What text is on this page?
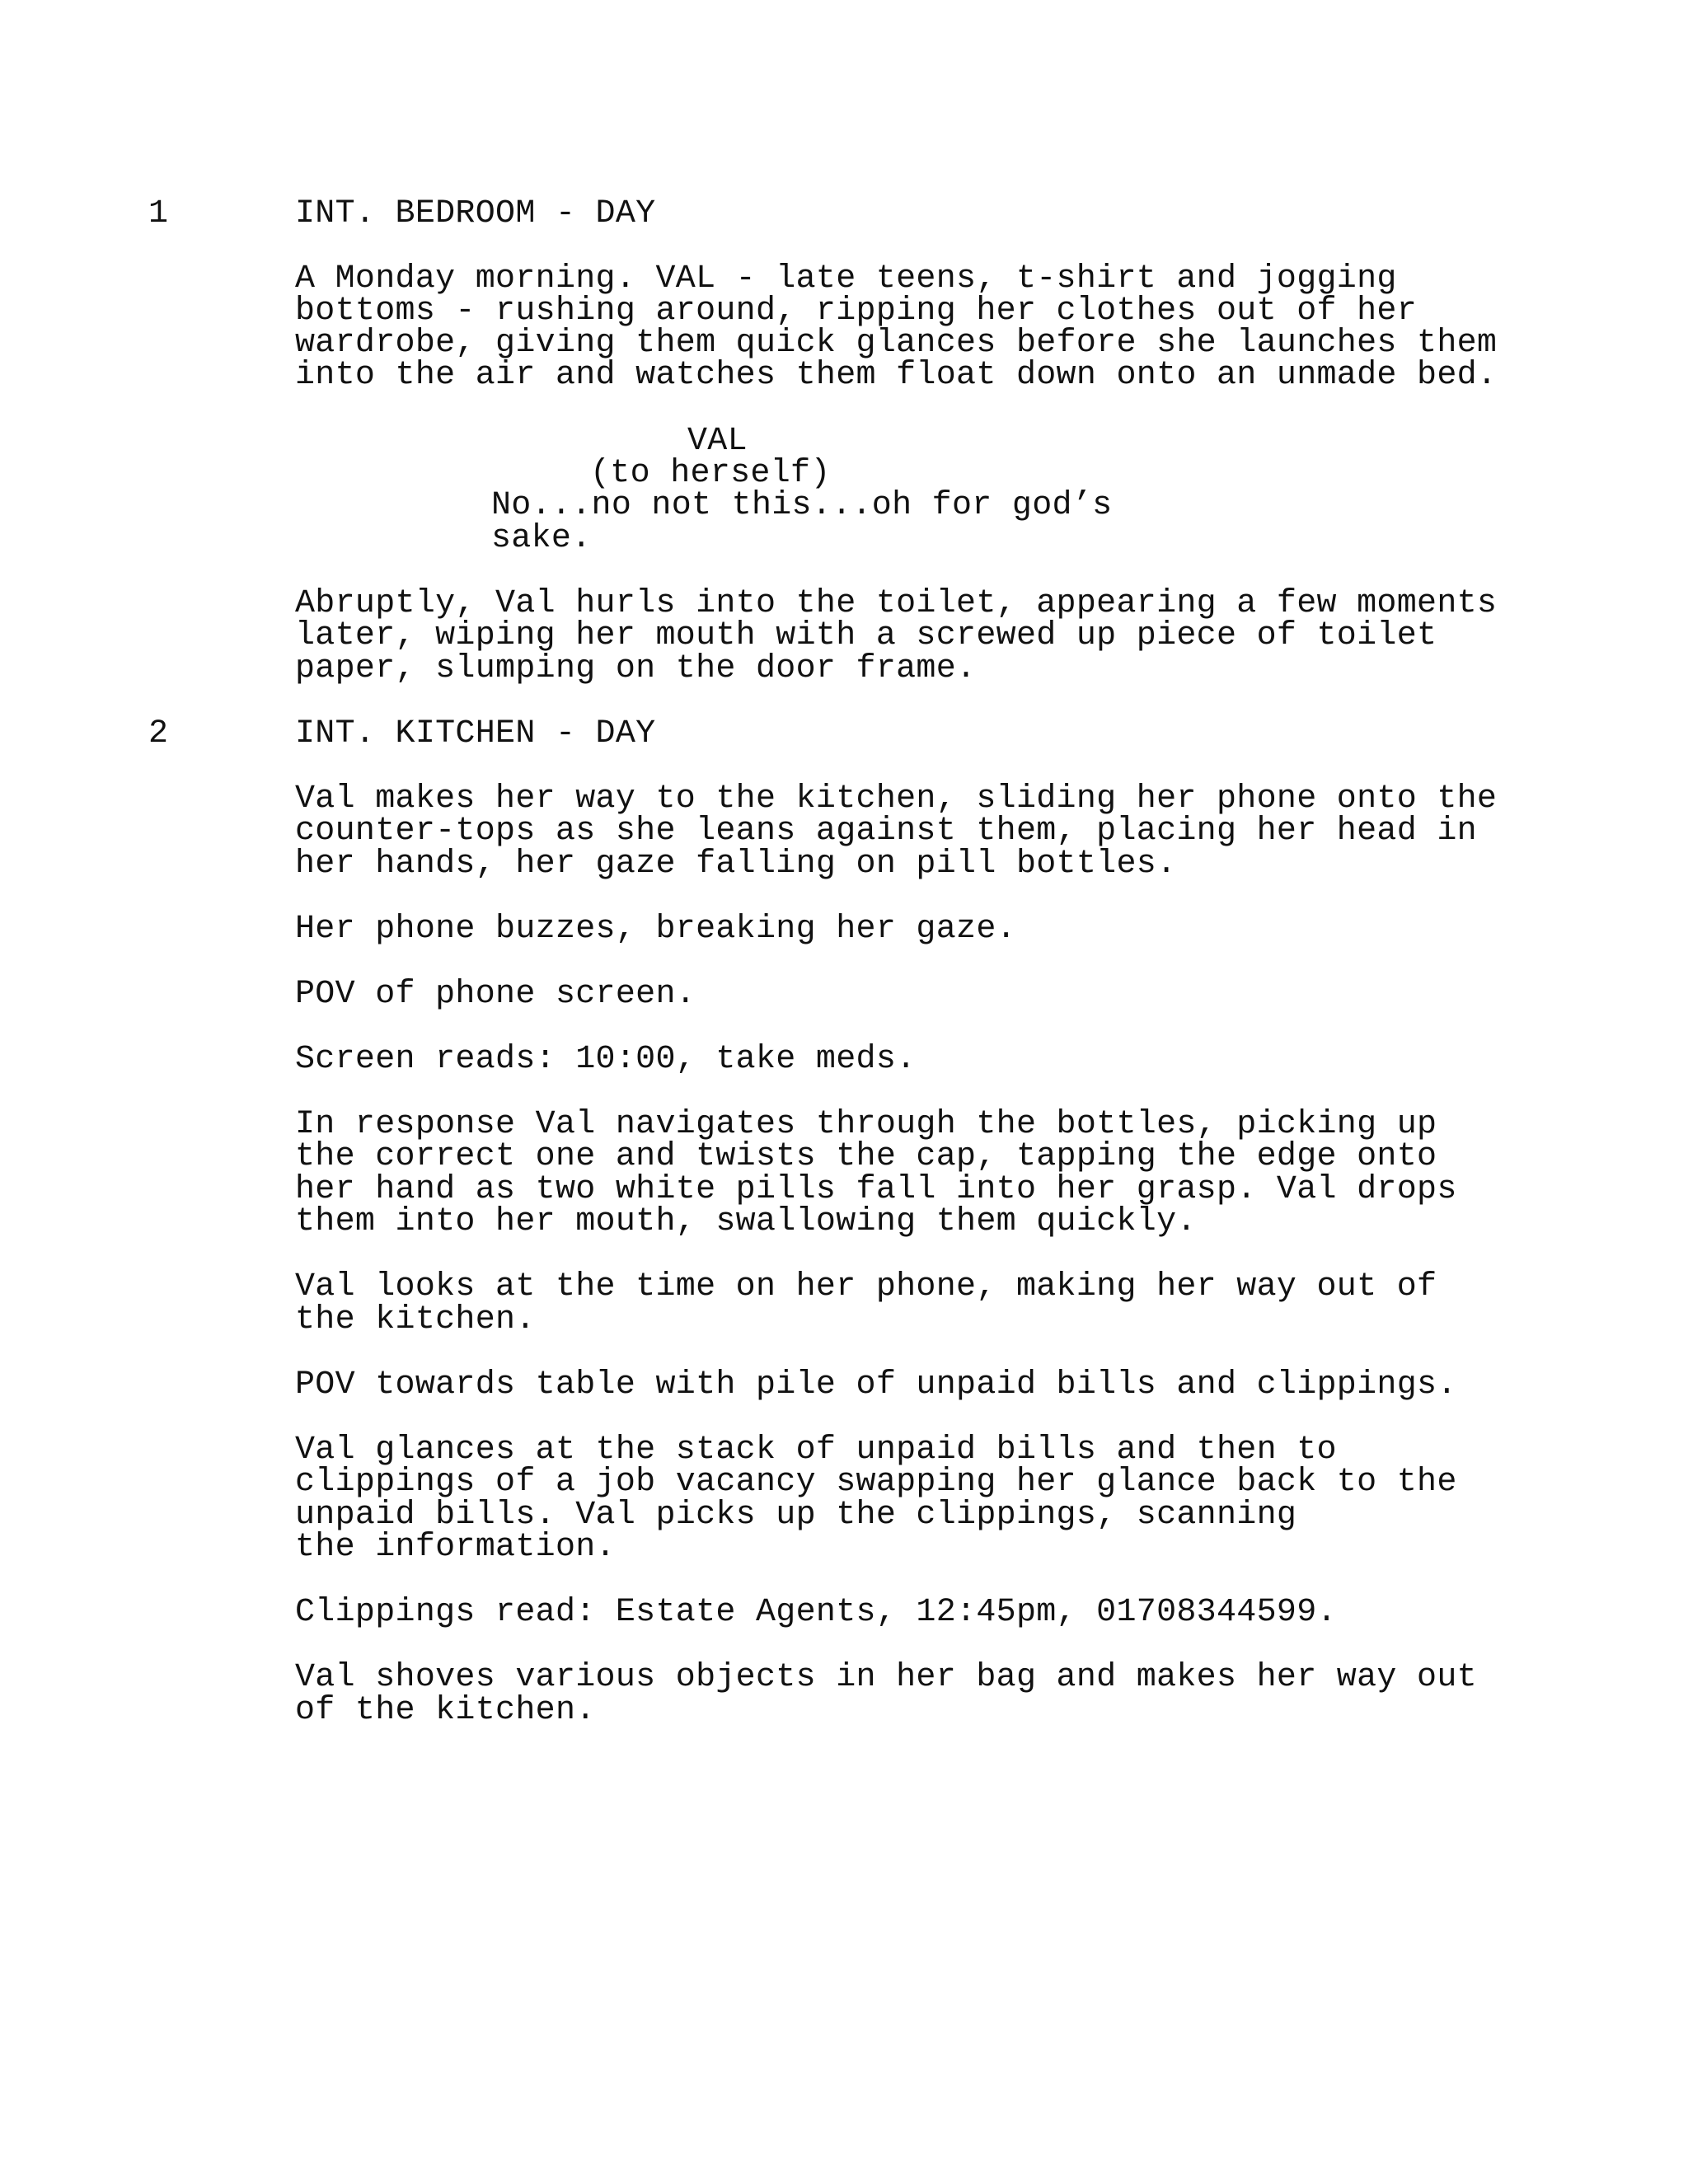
1	INT. BEDROOM - DAY
A Monday morning. VAL - late teens, t-shirt and jogging
bottoms - rushing around, ripping her clothes out of her
wardrobe, giving them quick glances before she launches them
into the air and watches them float down onto an unmade bed.
VAL
(to herself)
No...no not this...oh for god’s
sake.
Abruptly, Val hurls into the toilet, appearing a few moments
later, wiping her mouth with a screwed up piece of toilet
paper, slumping on the door frame.
2	INT. KITCHEN - DAY
Val makes her way to the kitchen, sliding her phone onto the
counter-tops as she leans against them, placing her head in
her hands, her gaze falling on pill bottles.
Her phone buzzes, breaking her gaze.
POV of phone screen.
Screen reads: 10:00, take meds.
In response Val navigates through the bottles, picking up
the correct one and twists the cap, tapping the edge onto
her hand as two white pills fall into her grasp. Val drops
them into her mouth, swallowing them quickly.
Val looks at the time on her phone, making her way out of
the kitchen.
POV towards table with pile of unpaid bills and clippings.
Val glances at the stack of unpaid bills and then to
clippings of a job vacancy swapping her glance back to the
unpaid bills. Val picks up the clippings, scanning
the information.
Clippings read: Estate Agents, 12:45pm, 01708344599.
Val shoves various objects in her bag and makes her way out
of the kitchen.
